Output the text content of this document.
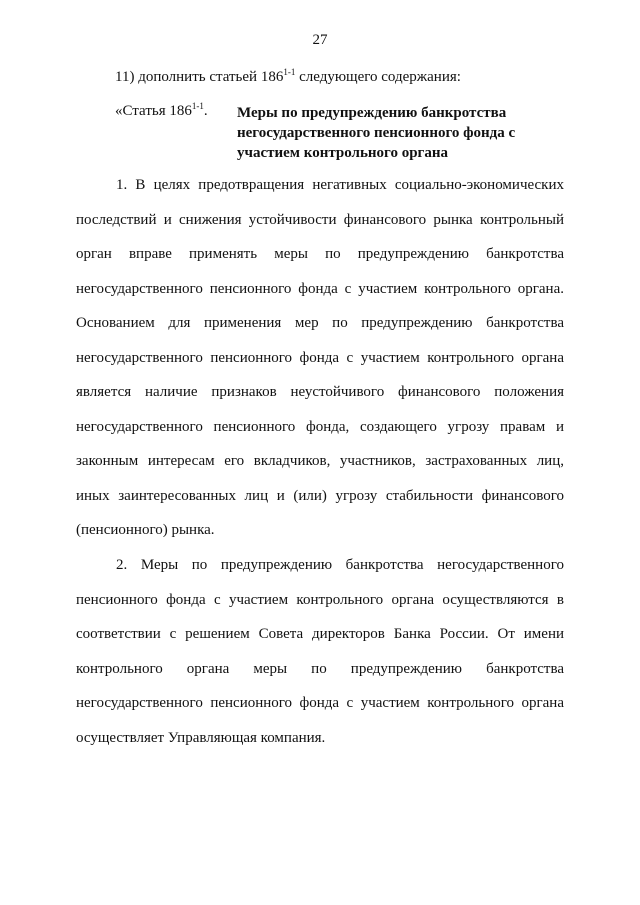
27
11) дополнить статьей 186$^{1-1}$ следующего содержания:
«Статья 186$^{1-1}$. Меры по предупреждению банкротства
негосударственного пенсионного фонда с
участием контрольного органа
1. В целях предотвращения негативных социально-экономических
последствий и снижения устойчивости финансового рынка контрольный
орган вправе применять меры по предупреждению банкротства
негосударственного пенсионного фонда с участием контрольного органа.
Основанием для применения мер по предупреждению банкротства
негосударственного пенсионного фонда с участием контрольного органа
является наличие признаков неустойчивого финансового положения
негосударственного пенсионного фонда, создающего угрозу правам и
законным интересам его вкладчиков, участников, застрахованных лиц,
иных заинтересованных лиц и (или) угрозу стабильности финансового
(пенсионного) рынка.
2. Меры по предупреждению банкротства негосударственного
пенсионного фонда с участием контрольного органа осуществляются в
соответствии с решением Совета директоров Банка России. От имени
контрольного органа меры по предупреждению банкротства
негосударственного пенсионного фонда с участием контрольного органа
осуществляет Управляющая компания.
